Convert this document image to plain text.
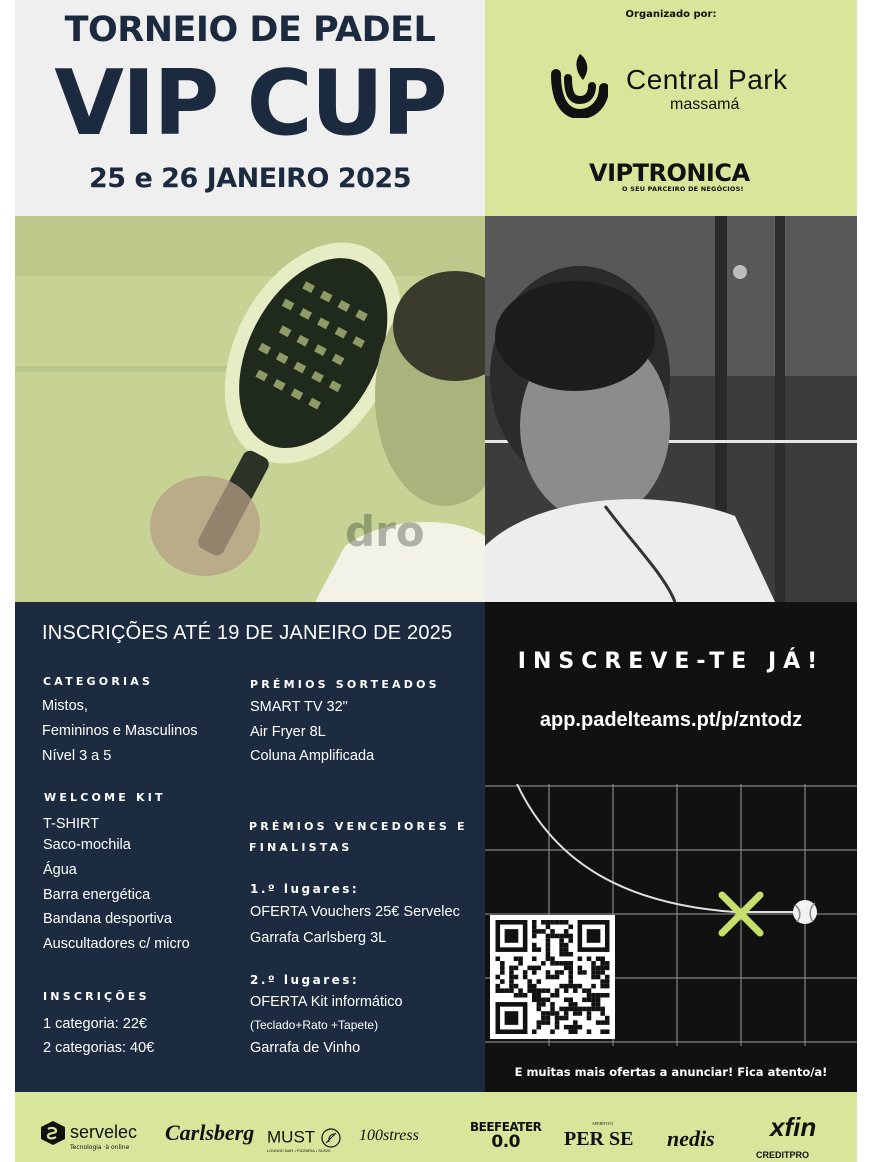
TORNEIO DE PADEL
VIP CUP
25 e 26 JANEIRO 2025
Organizado por:
Central Park
massamá
VIPTRONICA
O SEU PARCEIRO DE NEGÓCIOS!
dro
INSCRIÇÕES ATÉ 19 DE JANEIRO DE 2025
CATEGORIAS
Mistos,
Femininos e Masculinos
Nível 3 a 5
WELCOME KIT
T-SHIRT
Saco-mochila
Água
Barra energética
Bandana desportiva
Auscultadores c/ micro
INSCRIÇÕES
1 categoria: 22€
2 categorias: 40€
PRÉMIOS SORTEADOS
SMART TV 32"
Air Fryer 8L
Coluna Amplificada
PRÉMIOS VENCEDORES E
FINALISTAS
1.º lugares:
OFERTA Vouchers 25€ Servelec
Garrafa Carlsberg 3L
2.º lugares:
OFERTA Kit informático
(Teclado+Rato +Tapete)
Garrafa de Vinho
INSCREVE-TE JÁ!
app.padelteams.pt/p/zntodz
E muitas mais ofertas a anunciar! Fica atento/a!
servelec
Tecnologia ·à online
Carlsberg MUST
LOUNGE BAR • PIZZARIA • SUSHI
100stress	BEEFEATER
0.0
APERITIVO
PER SE nedis xfin
CREDITPRO
